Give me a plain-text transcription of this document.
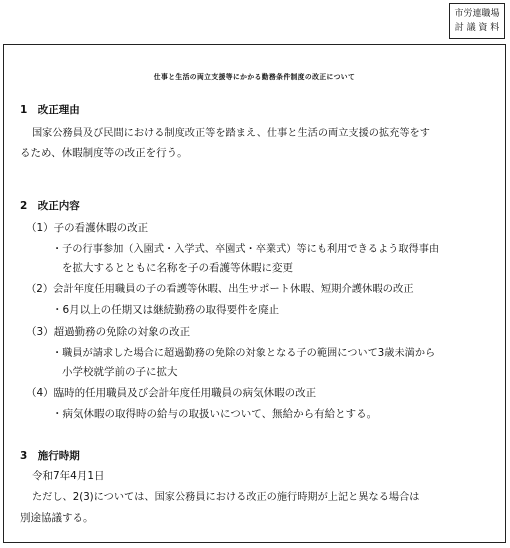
市労連職場
討 議 資 料
仕事と生活の両立支援等にかかる勤務条件制度の改正について
1　改正理由
国家公務員及び民間における制度改正等を踏まえ、仕事と生活の両立支援の拡充等をす
るため、休暇制度等の改正を行う。
2　改正内容
（1）子の看護休暇の改正
・子の行事参加（入園式・入学式、卒園式・卒業式）等にも利用できるよう取得事由
を拡大するとともに名称を子の看護等休暇に変更
（2）会計年度任用職員の子の看護等休暇、出生サポート休暇、短期介護休暇の改正
・6月以上の任期又は継続勤務の取得要件を廃止
（3）超過勤務の免除の対象の改正
・職員が請求した場合に超過勤務の免除の対象となる子の範囲について3歳未満から
小学校就学前の子に拡大
（4）臨時的任用職員及び会計年度任用職員の病気休暇の改正
・病気休暇の取得時の給与の取扱いについて、無給から有給とする。
3　施行時期
令和7年4月1日
ただし、2(3)については、国家公務員における改正の施行時期が上記と異なる場合は
別途協議する。
